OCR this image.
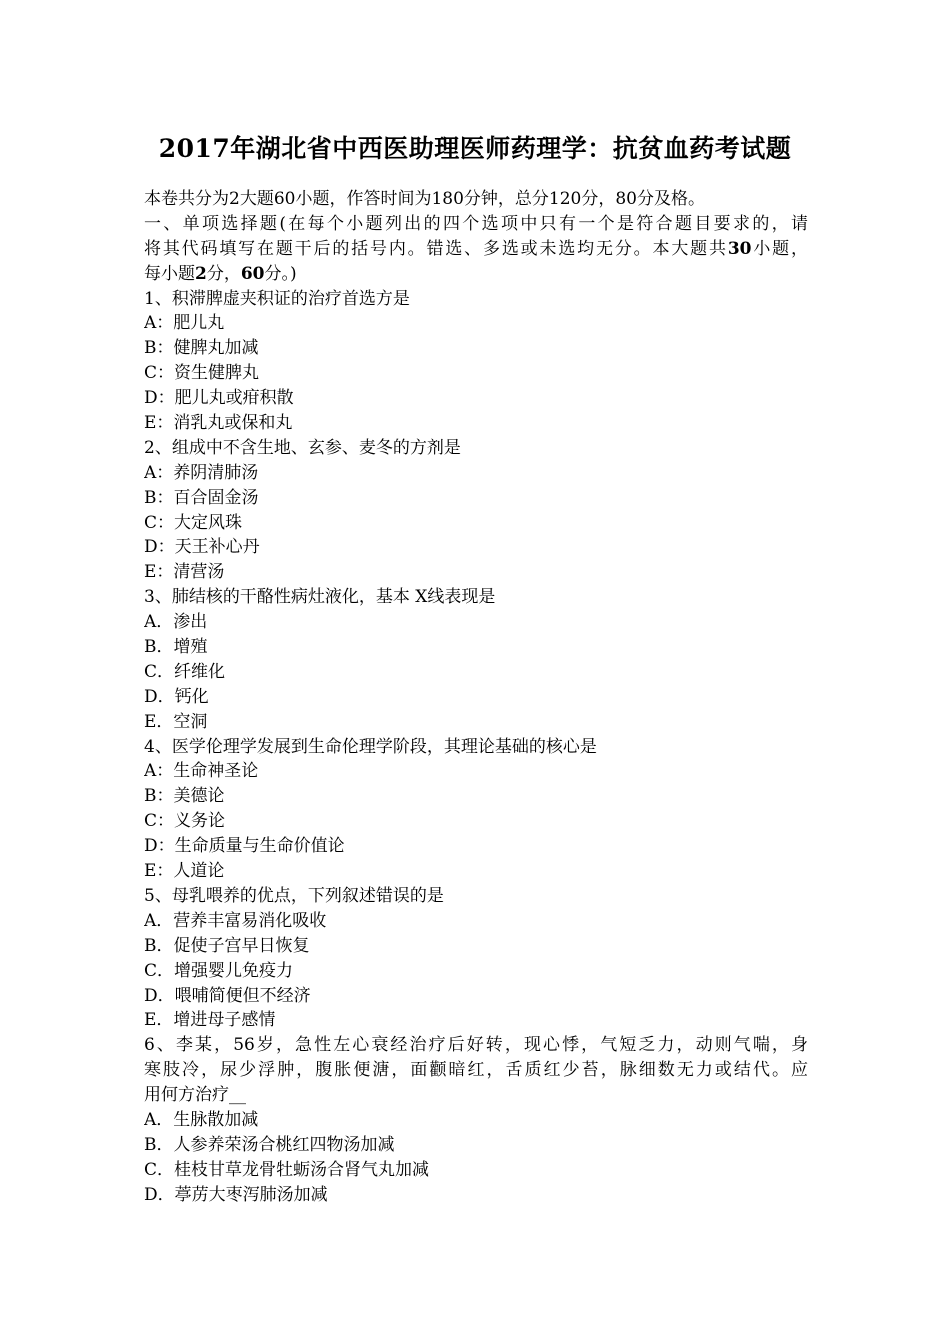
2017年湖北省中西医助理医师药理学：抗贫血药考试题
本卷共分为2大题60小题，作答时间为180分钟，总分120分，80分及格。
一、单项选择题(在每个小题列出的四个选项中只有一个是符合题目要求的，请
将其代码填写在题干后的括号内。错选、多选或未选均无分。本大题共30小题，
每小题2分，60分。)
1、积滞脾虚夹积证的治疗首选方是
A：肥儿丸
B：健脾丸加减
C：资生健脾丸
D：肥儿丸或疳积散
E：消乳丸或保和丸
2、组成中不含生地、玄参、麦冬的方剂是
A：养阴清肺汤
B：百合固金汤
C：大定风珠
D：天王补心丹
E：清营汤
3、肺结核的干酪性病灶液化，基本 X线表现是
A．渗出
B．增殖
C．纤维化
D．钙化
E．空洞
4、医学伦理学发展到生命伦理学阶段，其理论基础的核心是
A：生命神圣论
B：美德论
C：义务论
D：生命质量与生命价值论
E：人道论
5、母乳喂养的优点，下列叙述错误的是
A．营养丰富易消化吸收
B．促使子宫早日恢复
C．增强婴儿免疫力
D．喂哺简便但不经济
E．增进母子感情
6、李某，56岁，急性左心衰经治疗后好转，现心悸，气短乏力，动则气喘，身
寒肢冷，尿少浮肿，腹胀便溏，面颧暗红，舌质红少苔，脉细数无力或结代。应
用何方治疗__
A．生脉散加减
B．人参养荣汤合桃红四物汤加减
C．桂枝甘草龙骨牡蛎汤合肾气丸加减
D．葶苈大枣泻肺汤加减
